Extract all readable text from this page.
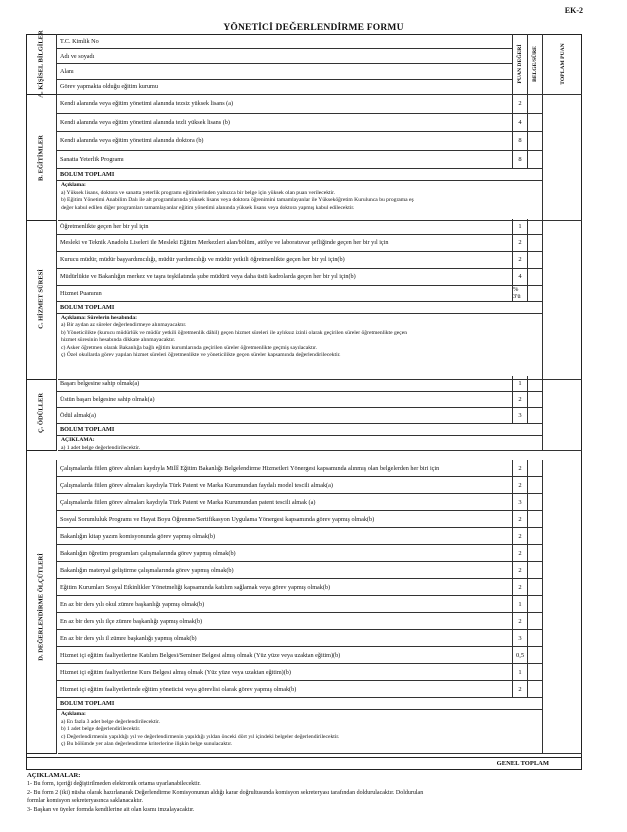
EK-2
YÖNETİCİ DEĞERLENDİRME FORMU
PUAN DEĞERİ BELGE/SÜRE	TOPLAM PUAN
T.C. Kimlik No
Adı ve soyadı
Alanı
Görev yapmakta olduğu eğitim kurumu
A. KİŞİSEL BİLGİLER
Kendi alanında veya eğitim yönetimi alanında tezsiz yüksek lisans (a)	2
Kendi alanında veya eğitim yönetimi alanında tezli yüksek lisans (b)	4
Kendi alanında veya eğitim yönetimi alanında doktora (b)	8
Sanatta Yeterlik Programı	8
BÖLÜM TOPLAMI
Açıklama:
a) Yüksek lisans, doktora ve sanatta yeterlik programı eğitimlerinden yalnızca bir belge için yüksek olan puan verilecektir.
b) Eğitim Yönetimi Anabilim Dalı ile alt programlarında yüksek lisans veya doktora öğrenimini tamamlayanlar ile Yükseköğretim Kurulunca bu programa eş
değer kabul edilen diğer programları tamamlayanlar eğitim yönetimi alanında yüksek lisans veya doktora yapmış kabul edilecektir.
B. EĞİTİMLER
Öğretmenlikte geçen her bir yıl için	1
Mesleki ve Teknik Anadolu Liseleri ile Mesleki Eğitim Merkezleri alan/bölüm, atölye ve laboratuvar şefliğinde geçen her bir yıl için	2
Kurucu müdür, müdür başyardımcılığı, müdür yardımcılığı ve müdür yetkili öğretmenlikte geçen her bir yıl için(b)	2
Müdürlükte ve Bakanlığın merkez ve taşra teşkilatında şube müdürü veya daha üstü kadrolarda geçen her bir yıl için(b)	4
Hizmet Puanının	% 3'ü
BÖLÜM TOPLAMI
Açıklama: Sürelerin hesabında:
a) Bir aydan az süreler değerlendirmeye alınmayacaktır.
b) Yöneticilikte (kurucu müdürlük ve müdür yetkili öğretmenlik dâhil) geçen hizmet süreleri ile aylıksız izinli olarak geçirilen süreler öğretmenlikte geçen
hizmet süresinin hesabında dikkate alınmayacaktır.
c) Asker öğretmen olarak Bakanlığa bağlı eğitim kurumlarında geçirilen süreler öğretmenlikte geçmiş sayılacaktır.
ç) Özel okullarda görev yapılan hizmet süreleri öğretmenlikte ve yöneticilikte geçen süreler kapsamında değerlendirilecektir.
C. HİZMET SÜRESİ
Başarı belgesine sahip olmak(a)	1
Üstün başarı belgesine sahip olmak(a)	2
Ödül almak(a)	3
BÖLÜM TOPLAMI
AÇIKLAMA:
a) 1 adet belge değerlendirilecektir.
Ç. ÖDÜLLER
Çalışmalarda fiilen görev alınları kaydıyla Millî Eğitim Bakanlığı Belgelendirme Hizmetleri Yönergesi kapsamında alınmış olan belgelerden her biri için	2
Çalışmalarda fiilen görev almaları kaydıyla Türk Patent ve Marka Kurumundan faydalı model tescili almak(a)	2
Çalışmalarda fiilen görev almaları kaydıyla Türk Patent ve Marka Kurumundan patent tescili almak (a)	3
Sosyal Sorumluluk Programı ve Hayat Boyu Öğrenme/Sertifikasyon Uygulama Yönergesi kapsamında görev yapmış olmak(b)	2
Bakanlığın kitap yazım komisyonunda görev yapmış olmak(b)	2
Bakanlığın öğretim programları çalışmalarında görev yapmış olmak(b)	2
Bakanlığın materyal geliştirme çalışmalarında görev yapmış olmak(b)	2
Eğitim Kurumları Sosyal Etkinlikler Yönetmeliği kapsamında katılım sağlamak veya görev yapmış olmak(b)	2
En az bir ders yılı okul zümre başkanlığı yapmış olmak(b)	1
En az bir ders yılı ilçe zümre başkanlığı yapmış olmak(b)	2
En az bir ders yılı il zümre başkanlığı yapmış olmak(b)	3
Hizmet içi eğitim faaliyetlerine Katılım Belgesi/Seminer Belgesi almış olmak (Yüz yüze veya uzaktan eğitim)(b)	0,5
Hizmet içi eğitim faaliyetlerine Kurs Belgesi almış olmak (Yüz yüze veya uzaktan eğitim)(b)	1
Hizmet içi eğitim faaliyetlerinde eğitim yöneticisi veya görevlisi olarak görev yapmış olmak(b)	2
BÖLÜM TOPLAMI
Açıklama:
a) En fazla 3 adet belge değerlendirilecektir.
b) 1 adet belge değerlendirilecektir.
c) Değerlendirmenin yapıldığı yıl ve değerlendirmenin yapıldığı yıldan önceki dört yıl içindeki belgeler değerlendirilecektir.
ç) Bu bölümde yer alan değerlendirme kriterlerine ilişkin belge sunulacaktır.
D. DEĞERLENDİRME ÖLÇÜTLERİ
GENEL TOPLAM
AÇIKLAMALAR:
1- Bu form, içeriği değiştirilmeden elektronik ortama uyarlanabilecektir.
2- Bu form 2 (iki) nüsha olarak hazırlanarak Değerlendirme Komisyonunun aldığı karar doğrultusunda komisyon sekreteryası tarafından doldurulacaktır. Doldurulan
formlar komisyon sekreteryasınca saklanacaktır.
3- Başkan ve üyeler formda kendilerine ait olan kısmı imzalayacaktır.
